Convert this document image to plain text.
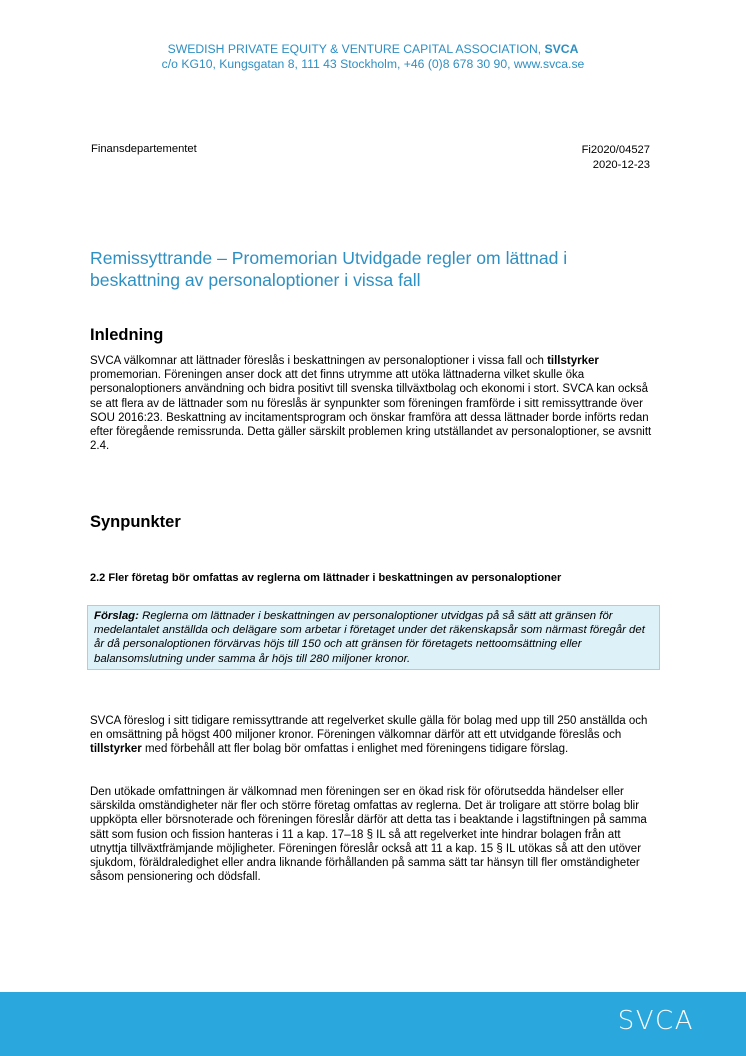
SWEDISH PRIVATE EQUITY & VENTURE CAPITAL ASSOCIATION, SVCA
c/o KG10, Kungsgatan 8, 111 43 Stockholm, +46 (0)8 678 30 90, www.svca.se
Finansdepartementet	Fi2020/04527
2020-12-23
Remissyttrande – Promemorian Utvidgade regler om lättnad i beskattning av personaloptioner i vissa fall
Inledning

SVCA välkomnar att lättnader föreslås i beskattningen av personaloptioner i vissa fall och tillstyrker promemorian. Föreningen anser dock att det finns utrymme att utöka lättnaderna vilket skulle öka personaloptioners användning och bidra positivt till svenska tillväxtbolag och ekonomi i stort. SVCA kan också se att flera av de lättnader som nu föreslås är synpunkter som föreningen framförde i sitt remissyttrande över SOU 2016:23. Beskattning av incitamentsprogram och önskar framföra att dessa lättnader borde införts redan efter föregående remissrunda. Detta gäller särskilt problemen kring utställandet av personaloptioner, se avsnitt 2.4.

Synpunkter
2.2 Fler företag bör omfattas av reglerna om lättnader i beskattningen av personaloptioner
Förslag: Reglerna om lättnader i beskattningen av personaloptioner utvidgas på så sätt att gränsen för medelantalet anställda och delägare som arbetar i företaget under det räkenskapsår som närmast föregår det år då personaloptionen förvärvas höjs till 150 och att gränsen för företagets nettoomsättning eller balansomslutning under samma år höjs till 280 miljoner kronor.

SVCA föreslog i sitt tidigare remissyttrande att regelverket skulle gälla för bolag med upp till 250 anställda och en omsättning på högst 400 miljoner kronor. Föreningen välkomnar därför att ett utvidgande föreslås och tillstyrker med förbehåll att fler bolag bör omfattas i enlighet med föreningens tidigare förslag.

Den utökade omfattningen är välkomnad men föreningen ser en ökad risk för oförutsedda händelser eller särskilda omständigheter när fler och större företag omfattas av reglerna. Det är troligare att större bolag blir uppköpta eller börsnoterade och föreningen föreslår därför att detta tas i beaktande i lagstiftningen på samma sätt som fusion och fission hanteras i 11 a kap. 17–18 § IL så att regelverket inte hindrar bolagen från att utnyttja tillväxtfrämjande möjligheter. Föreningen föreslår också att 11 a kap. 15 § IL utökas så att den utöver sjukdom, föräldraledighet eller andra liknande förhållanden på samma sätt tar hänsyn till fler omständigheter såsom pensionering och dödsfall.

SVCA
